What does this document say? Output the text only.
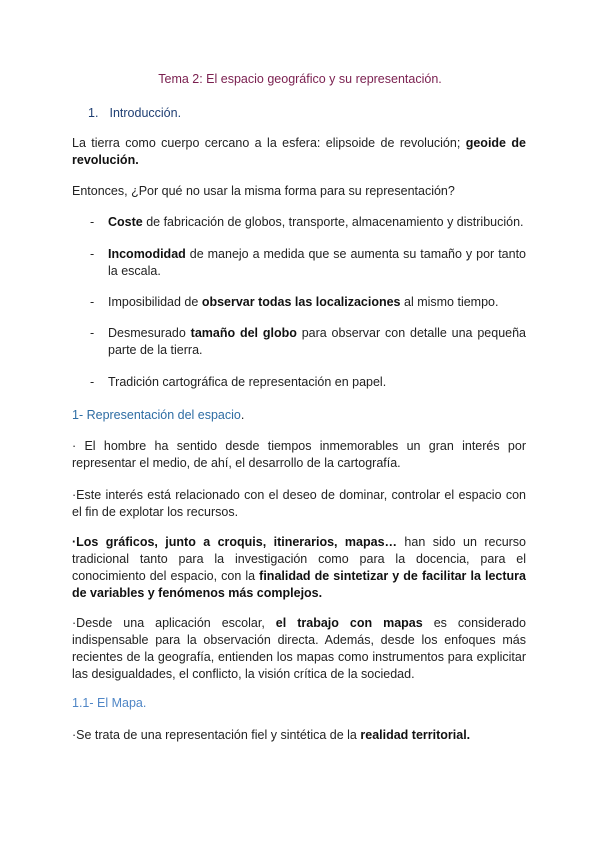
Tema 2: El espacio geográfico y su representación.
1. Introducción.

La tierra como cuerpo cercano a la esfera: elipsoide de revolución; geoide de revolución.

Entonces, ¿Por qué no usar la misma forma para su representación?

- Coste de fabricación de globos, transporte, almacenamiento y distribución.
- Incomodidad de manejo a medida que se aumenta su tamaño y por tanto la escala.
- Imposibilidad de observar todas las localizaciones al mismo tiempo.
- Desmesurado tamaño del globo para observar con detalle una pequeña parte de la tierra.
- Tradición cartográfica de representación en papel.
1- Representación del espacio.

· El hombre ha sentido desde tiempos inmemorables un gran interés por representar el medio, de ahí, el desarrollo de la cartografía.

·Este interés está relacionado con el deseo de dominar, controlar el espacio con el fin de explotar los recursos.

·Los gráficos, junto a croquis, itinerarios, mapas… han sido un recurso tradicional tanto para la investigación como para la docencia, para el conocimiento del espacio, con la finalidad de sintetizar y de facilitar la lectura de variables y fenómenos más complejos.

·Desde una aplicación escolar, el trabajo con mapas es considerado indispensable para la observación directa. Además, desde los enfoques más recientes de la geografía, entienden los mapas como instrumentos para explicitar las desigualdades, el conflicto, la visión crítica de la sociedad.

1.1- El Mapa.

·Se trata de una representación fiel y sintética de la realidad territorial.
